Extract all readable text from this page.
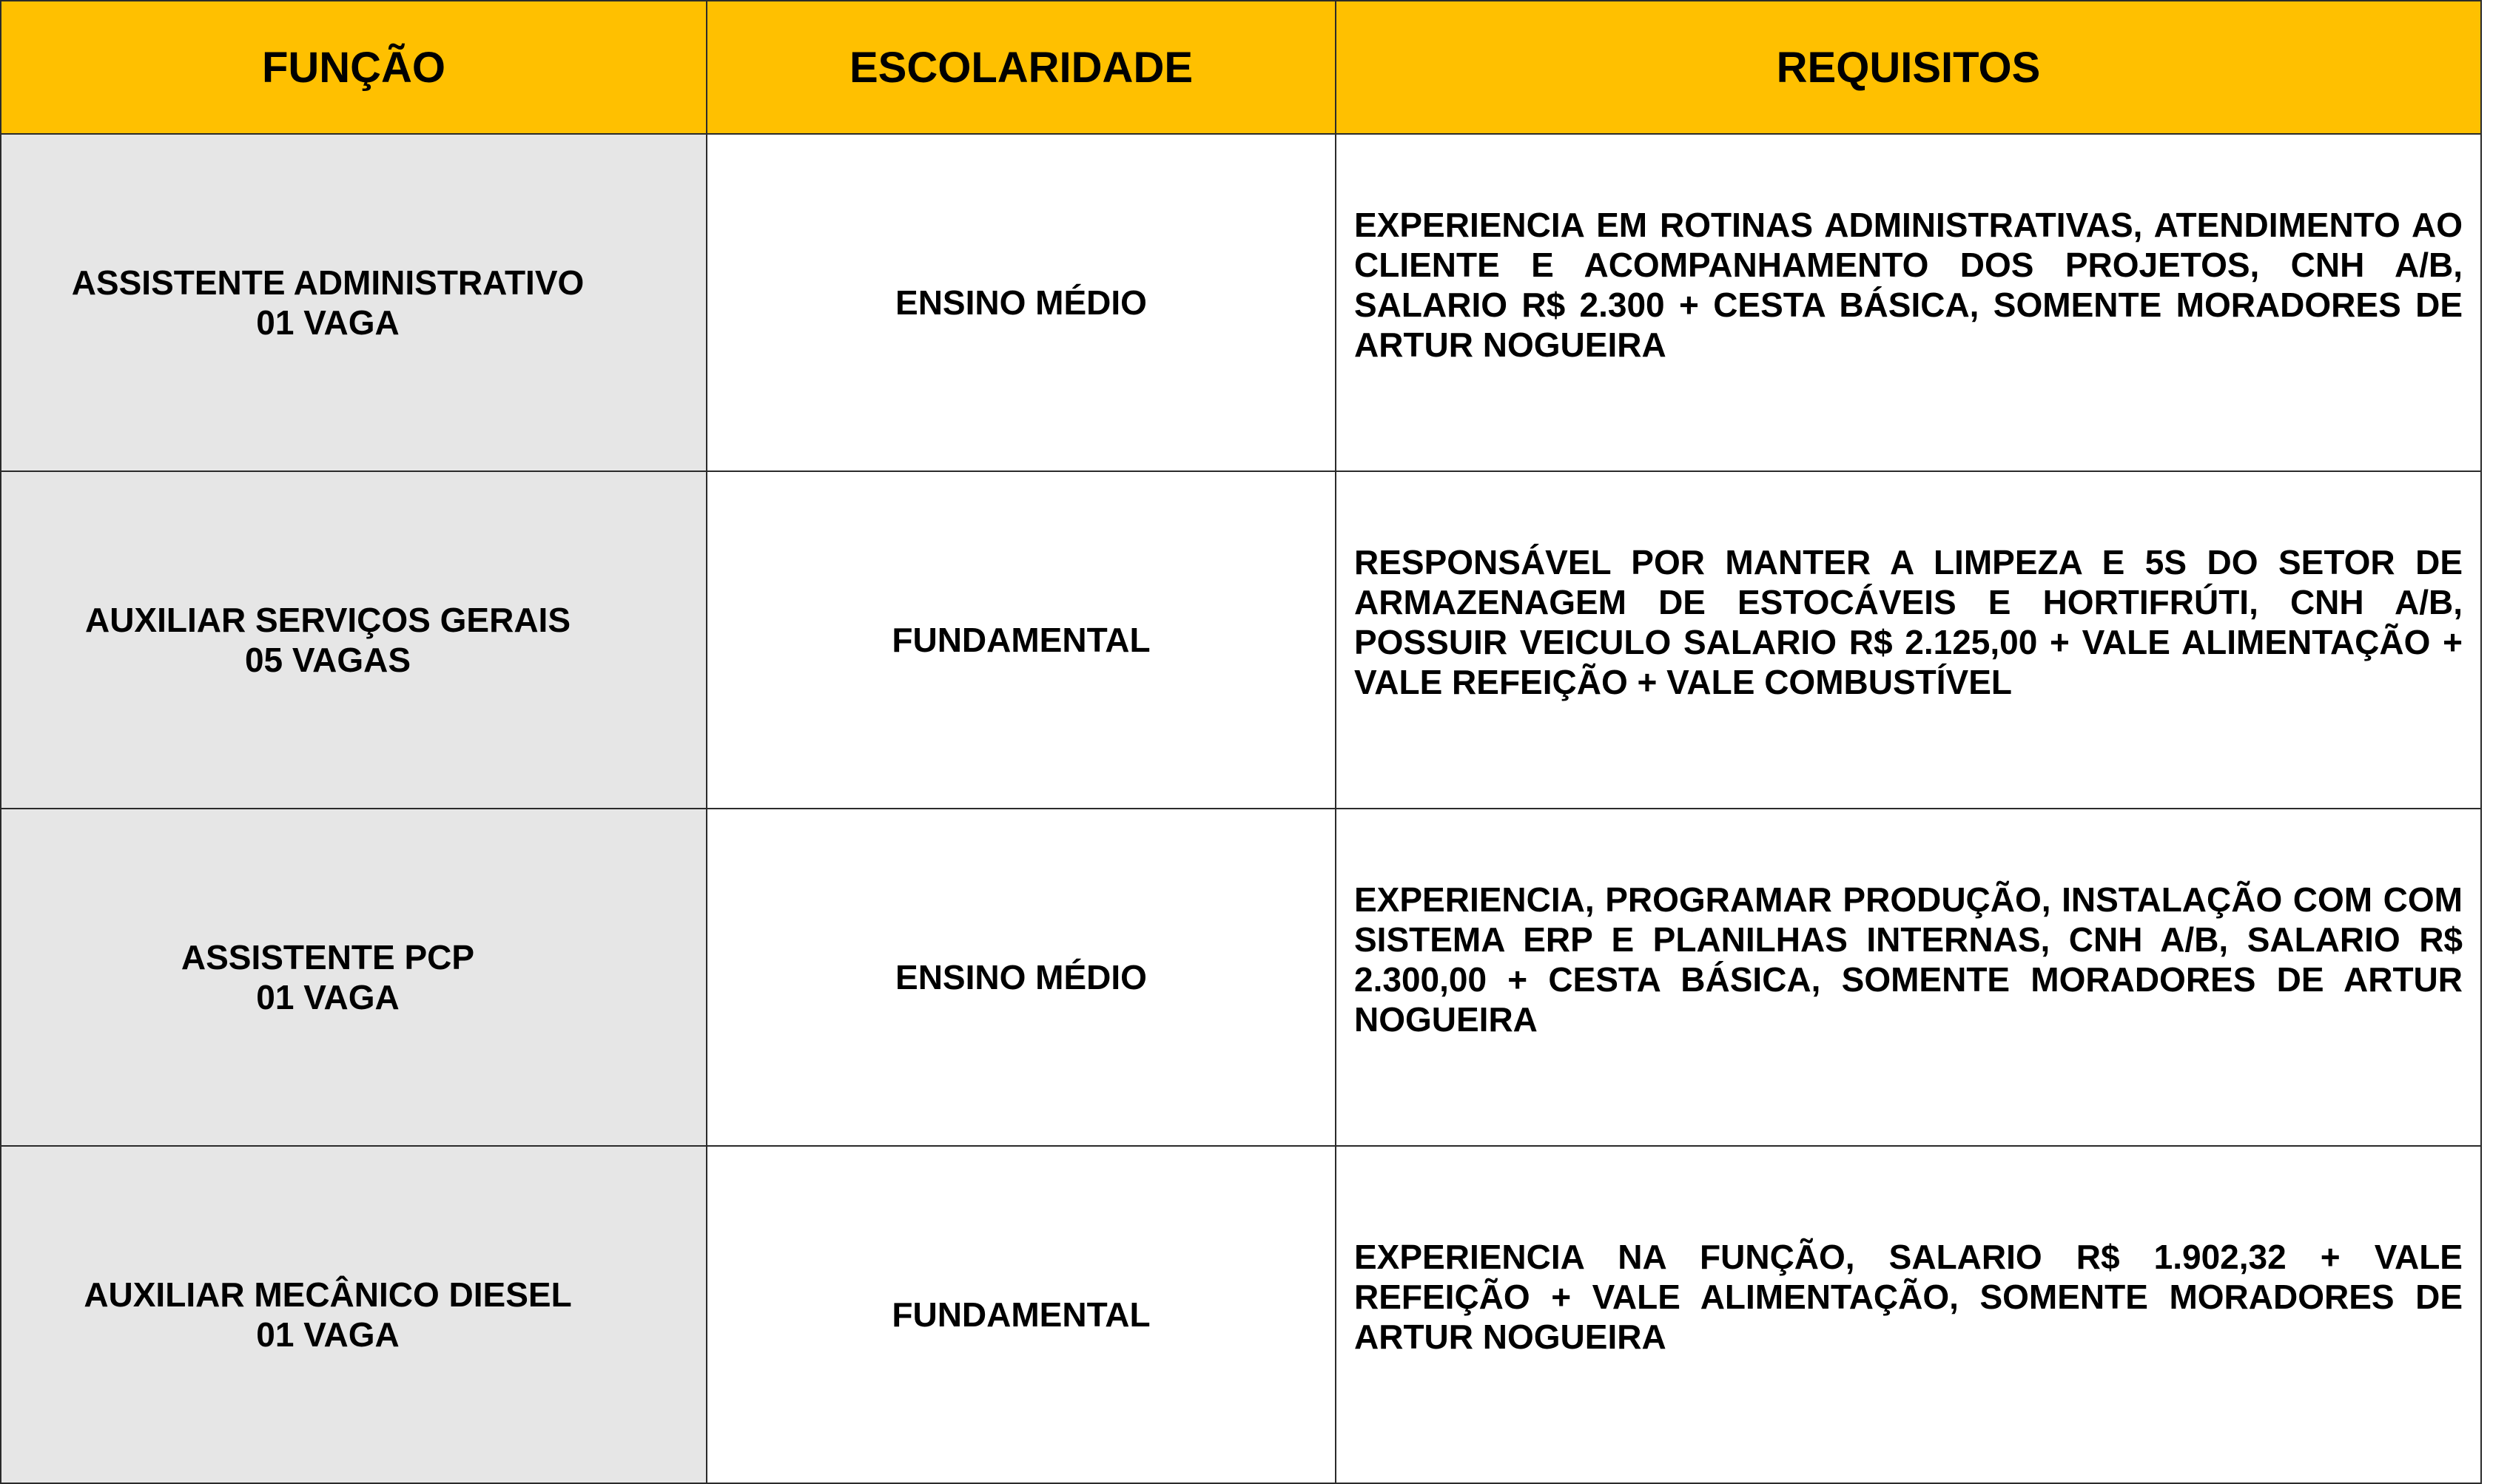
FUNÇÃO	ESCOLARIDADE	REQUISITOS

ASSISTENTE ADMINISTRATIVO
01 VAGA	ENSINO MÉDIO	EXPERIENCIA EM ROTINAS ADMINISTRATIVAS, ATENDIMENTO AO CLIENTE E ACOMPANHAMENTO DOS PROJETOS, CNH A/B, SALARIO R$ 2.300 + CESTA BÁSICA, SOMENTE MORADORES DE ARTUR NOGUEIRA

AUXILIAR SERVIÇOS GERAIS
05 VAGAS	FUNDAMENTAL	RESPONSÁVEL POR MANTER A LIMPEZA E 5S DO SETOR DE ARMAZENAGEM DE ESTOCÁVEIS E HORTIFRÚTI, CNH A/B, POSSUIR VEICULO SALARIO R$ 2.125,00 + VALE ALIMENTAÇÃO + VALE REFEIÇÃO + VALE COMBUSTÍVEL

ASSISTENTE PCP
01 VAGA	ENSINO MÉDIO	EXPERIENCIA, PROGRAMAR PRODUÇÃO, INSTALAÇÃO COM COM SISTEMA ERP E PLANILHAS INTERNAS, CNH A/B, SALARIO R$ 2.300,00 + CESTA BÁSICA, SOMENTE MORADORES DE ARTUR NOGUEIRA

AUXILIAR MECÂNICO DIESEL
01 VAGA	FUNDAMENTAL	EXPERIENCIA NA FUNÇÃO, SALARIO R$ 1.902,32 + VALE REFEIÇÃO + VALE ALIMENTAÇÃO, SOMENTE MORADORES DE ARTUR NOGUEIRA
